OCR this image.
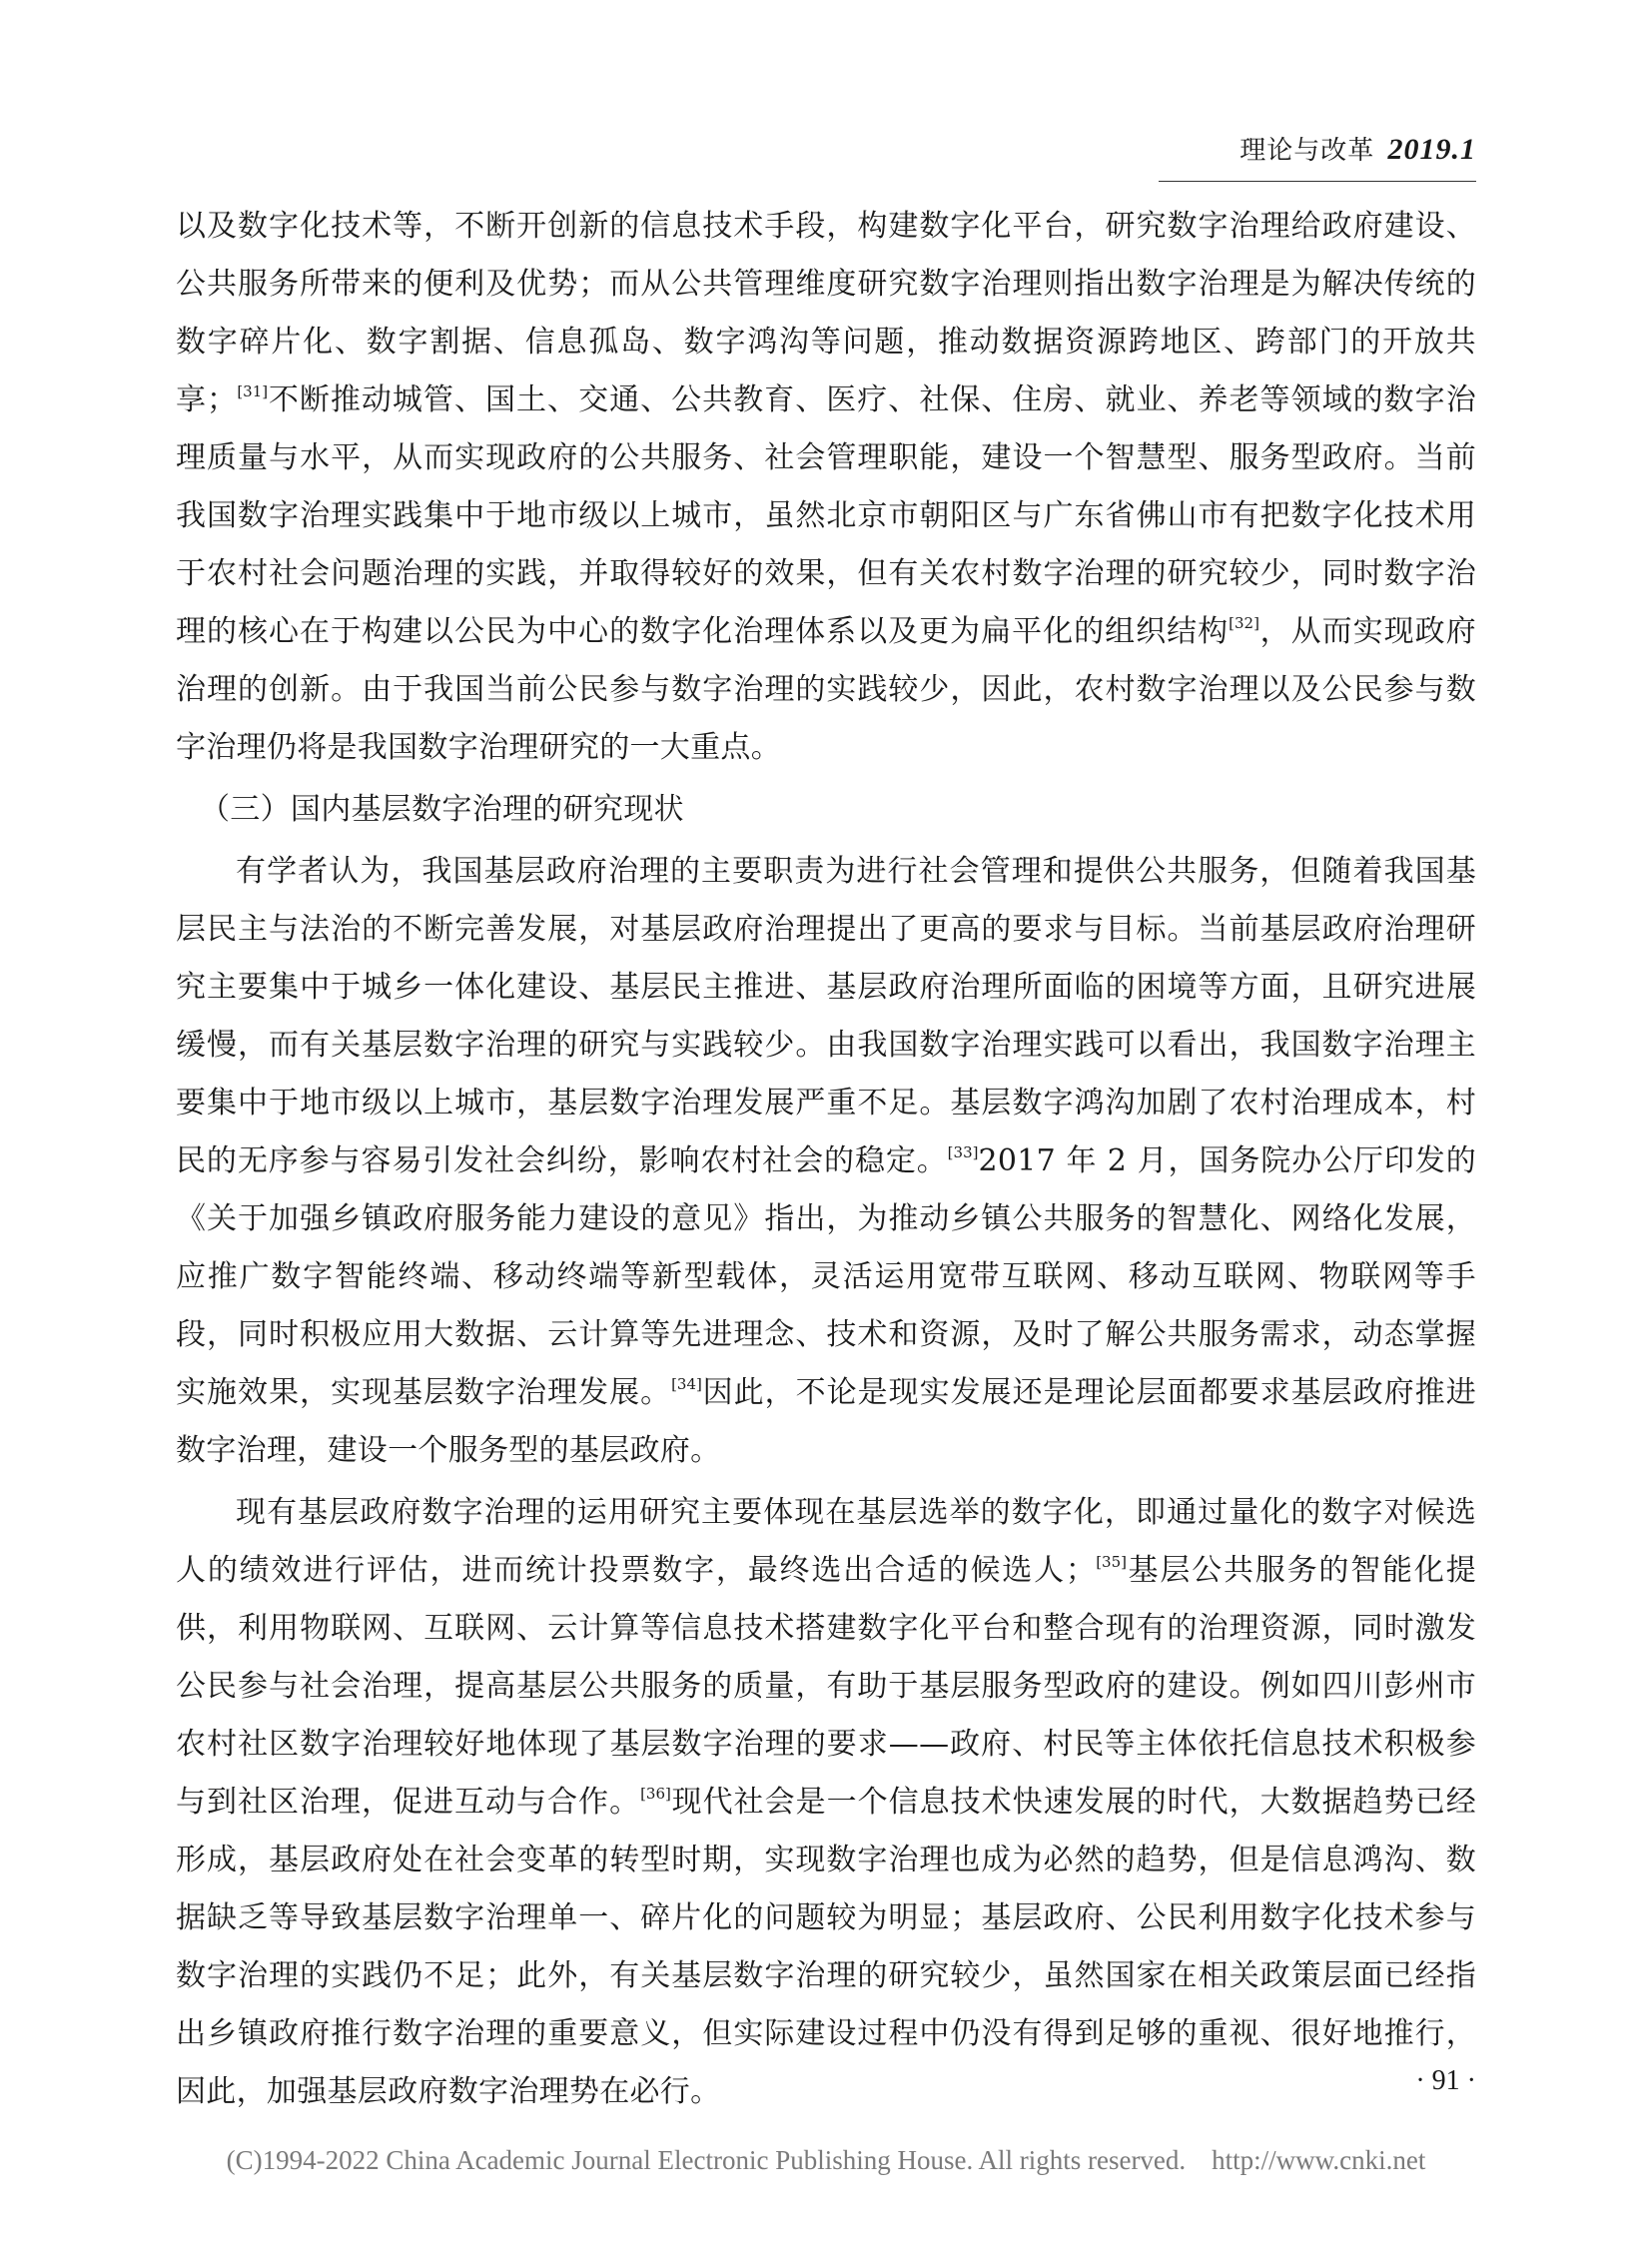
理论与改革 2019.1

以及数字化技术等，不断开创新的信息技术手段，构建数字化平台，研究数字治理给政府建设、公共服务所带来的便利及优势；而从公共管理维度研究数字治理则指出数字治理是为解决传统的数字碎片化、数字割据、信息孤岛、数字鸿沟等问题，推动数据资源跨地区、跨部门的开放共享；[31]不断推动城管、国土、交通、公共教育、医疗、社保、住房、就业、养老等领域的数字治理质量与水平，从而实现政府的公共服务、社会管理职能，建设一个智慧型、服务型政府。当前我国数字治理实践集中于地市级以上城市，虽然北京市朝阳区与广东省佛山市有把数字化技术用于农村社会问题治理的实践，并取得较好的效果，但有关农村数字治理的研究较少，同时数字治理的核心在于构建以公民为中心的数字化治理体系以及更为扁平化的组织结构[32]，从而实现政府治理的创新。由于我国当前公民参与数字治理的实践较少，因此，农村数字治理以及公民参与数字治理仍将是我国数字治理研究的一大重点。

（三）国内基层数字治理的研究现状

有学者认为，我国基层政府治理的主要职责为进行社会管理和提供公共服务，但随着我国基层民主与法治的不断完善发展，对基层政府治理提出了更高的要求与目标。当前基层政府治理研究主要集中于城乡一体化建设、基层民主推进、基层政府治理所面临的困境等方面，且研究进展缓慢，而有关基层数字治理的研究与实践较少。由我国数字治理实践可以看出，我国数字治理主要集中于地市级以上城市，基层数字治理发展严重不足。基层数字鸿沟加剧了农村治理成本，村民的无序参与容易引发社会纠纷，影响农村社会的稳定。[33]2017 年 2 月，国务院办公厅印发的《关于加强乡镇政府服务能力建设的意见》指出，为推动乡镇公共服务的智慧化、网络化发展，应推广数字智能终端、移动终端等新型载体，灵活运用宽带互联网、移动互联网、物联网等手段，同时积极应用大数据、云计算等先进理念、技术和资源，及时了解公共服务需求，动态掌握实施效果，实现基层数字治理发展。[34]因此，不论是现实发展还是理论层面都要求基层政府推进数字治理，建设一个服务型的基层政府。

现有基层政府数字治理的运用研究主要体现在基层选举的数字化，即通过量化的数字对候选人的绩效进行评估，进而统计投票数字，最终选出合适的候选人；[35]基层公共服务的智能化提供，利用物联网、互联网、云计算等信息技术搭建数字化平台和整合现有的治理资源，同时激发公民参与社会治理，提高基层公共服务的质量，有助于基层服务型政府的建设。例如四川彭州市农村社区数字治理较好地体现了基层数字治理的要求——政府、村民等主体依托信息技术积极参与到社区治理，促进互动与合作。[36]现代社会是一个信息技术快速发展的时代，大数据趋势已经形成，基层政府处在社会变革的转型时期，实现数字治理也成为必然的趋势，但是信息鸿沟、数据缺乏等导致基层数字治理单一、碎片化的问题较为明显；基层政府、公民利用数字化技术参与数字治理的实践仍不足；此外，有关基层数字治理的研究较少，虽然国家在相关政策层面已经指出乡镇政府推行数字治理的重要意义，但实际建设过程中仍没有得到足够的重视、很好地推行，因此，加强基层政府数字治理势在必行。	· 91 ·
(C)1994-2022 China Academic Journal Electronic Publishing House. All rights reserved. http://www.cnki.net
